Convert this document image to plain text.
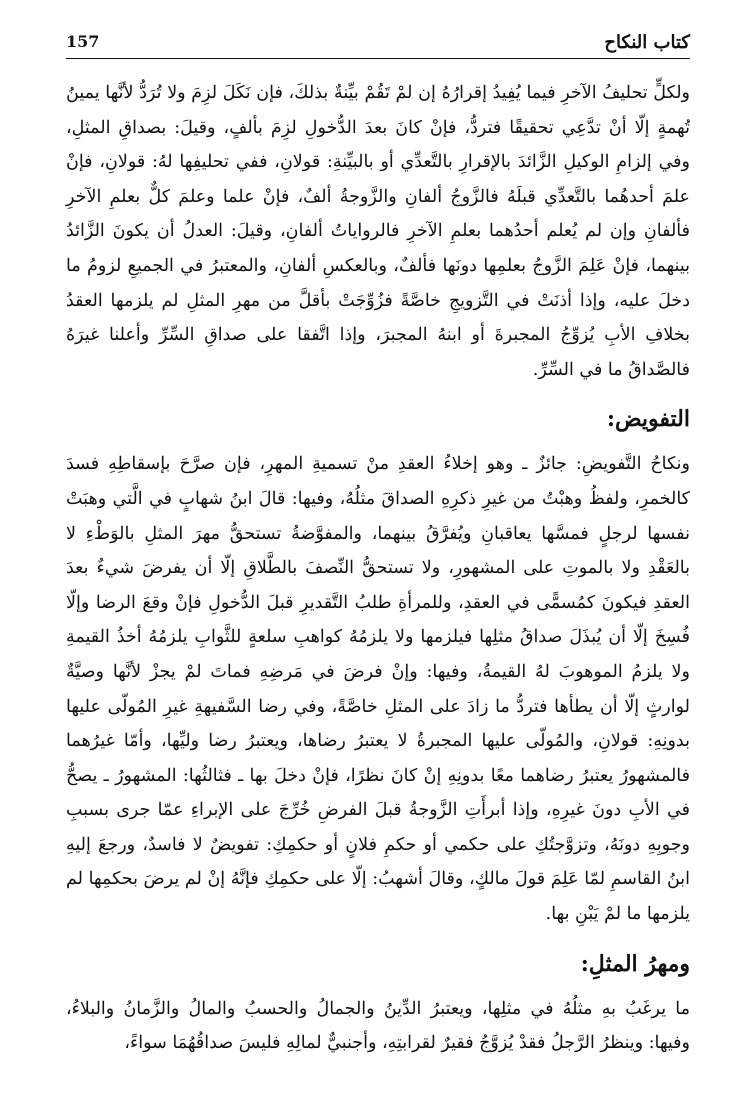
كتاب النكاح
157

ولكلٍّ تحليفُ الآخرِ فيما يُفِيدُ إقرارُهُ إن لمْ تَقُمْ بيِّنةٌ بذلكَ، فإن نَكَلَ لزِمَ ولا تُرَدُّ لأنَّها يمينُ تُهمةٍ إلّا أنْ تدَّعِي تحقيقًا فتردُّ، فإنْ كانَ بعدَ الدُّخولِ لزِمَ بألفٍ، وقيلَ: بصداقِ المثلِ، وفي إلزامِ الوكيلِ الزَّائدَ بالإقرارِ بالتَّعدِّي أو بالبيِّنةِ: قولانِ، ففي تحليفِها لهُ: قولانِ، فإنْ علمَ أحدهُما بالتَّعدِّي قبلَهُ فالزَّوجُ ألفانِ والزَّوجةُ ألفٌ، فإنْ علما وعلمَ كلٌّ بعلمِ الآخرِ فألفانِ وإن لم يُعلم أحدُهما بعلمِ الآخرِ فالرواياتُ ألفانِ، وقيلَ: العدلُ أن يكونَ الزَّائدُ بينهما، فإنْ عَلِمَ الزَّوجُ بعلمِها دونَها فألفٌ، وبالعكسِ ألفانِ، والمعتبرُ في الجميعِ لزومُ ما دخلَ عليه، وإذا أذنَتْ في التَّزويجِ خاصَّةً فزُوِّجَتْ بأقلَّ من مهرِ المثلِ لم يلزمها العقدُ بخلافِ الأبِ يُزوِّجُ المجبرةَ أو ابنهُ المجبرَ، وإذا اتَّفقا على صداقِ السِّرِّ وأعلنا غيرَهُ فالصَّداقُ ما في السِّرِّ.

التفويض:

ونكاحُ التَّفويضِ: جائزٌ ـ وهو إخلاءُ العقدِ منْ تسميةِ المهرِ، فإن صرَّحَ بإسقاطِهِ فسدَ كالخمرِ، ولفظُ وهبْتُ من غيرِ ذكرِهِ الصداقَ مثلُهُ، وفيها: قالَ ابنُ شهابٍ في الَّتي وهبَتْ نفسها لرجلٍ فمسَّها يعاقبانِ ويُفرَّقُ بينهما، والمفوَّضةُ تستحقُّ مهرَ المثلِ بالوَطْءِ لا بالعَقْدِ ولا بالموتِ على المشهورِ، ولا تستحقُّ النِّصفَ بالطَّلاقِ إلّا أن يفرضَ شيءٌ بعدَ العقدِ فيكونَ كمُسمًّى في العقدِ، وللمرأةِ طلبُ التَّقديرِ قبلَ الدُّخولِ فإنْ وقعَ الرضا وإلّا فُسِخَ إلّا أن يُبذَلَ صداقُ مثلِها فيلزمها ولا يلزمُهُ كواهبِ سلعةٍ للثَّوابِ يلزمُهُ أخذُ القيمةِ ولا يلزمُ الموهوبَ لهُ القيمةُ، وفيها: وإنْ فرضَ في مَرضِهِ فماتَ لمْ يجزْ لأنَّها وصيَّةٌ لوارثٍ إلّا أن يطأها فتردُّ ما زادَ على المثلِ خاصَّةً، وفي رضا السَّفيهةِ غيرِ المُولّى عليها بدونِهِ: قولانِ، والمُولّى عليها المجبرةُ لا يعتبرُ رضاها، ويعتبرُ رضا وليِّها، وأمّا غيرُهما فالمشهورُ يعتبرُ رضاهما معًا بدونِهِ إنْ كانَ نظرًا، فإنْ دخلَ بها ـ فثالثُها: المشهورُ ـ يصحُّ في الأبِ دونَ غيرِهِ، وإذا أبرأَتِ الزَّوجةُ قبلَ الفرضِ خُرِّجَ على الإبراءِ عمّا جرى بسببِ وجوبِهِ دونَهُ، وتزوَّجتُكِ على حكمي أو حكمِ فلانٍ أو حكمِكِ: تفويضٌ لا فاسدٌ، ورجعَ إليهِ ابنُ القاسمِ لمّا عَلِمَ قولَ مالكٍ، وقالَ أشهبُ: إلّا على حكمِكِ فإنَّهُ إنْ لم يرضَ بحكمِها لم يلزمها ما لمْ يَبْنِ بها.

ومهرُ المثلِ:

ما يرغَبُ بهِ مثلُهُ في مثلِها، ويعتبرُ الدِّينُ والجمالُ والحسبُ والمالُ والزَّمانُ والبلاءُ، وفيها: وينظرُ الرَّجلُ فقدْ يُزوَّجُ فقيرٌ لقرابتِهِ، وأجنبيٌّ لمالِهِ فليسَ صداقُهُمَا سواءً،
